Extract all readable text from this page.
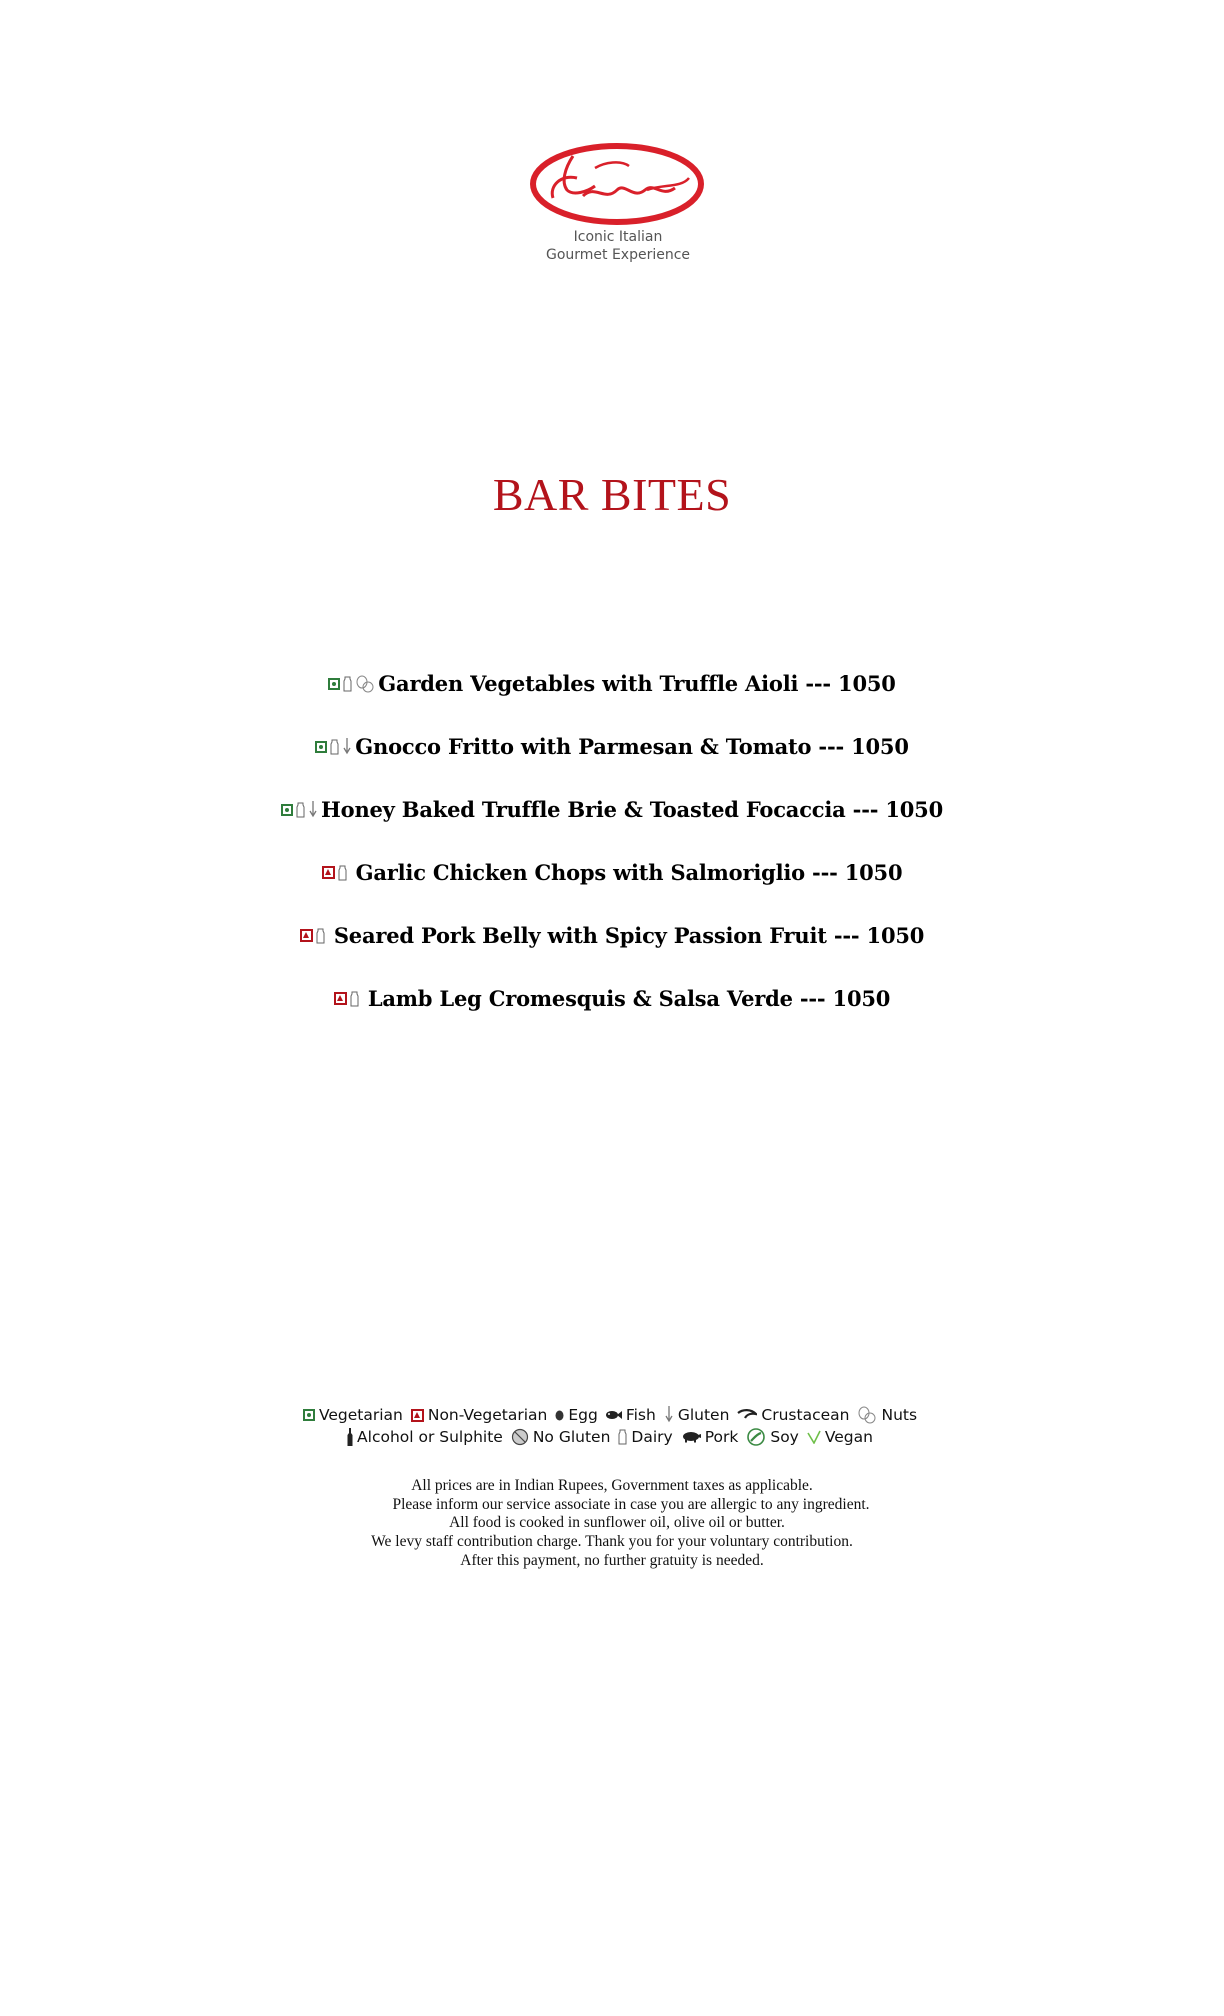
Iconic Italian
Gourmet Experience
BAR BITES
Garden Vegetables with Truffle Aioli --- 1050
Gnocco Fritto with Parmesan & Tomato --- 1050
Honey Baked Truffle Brie & Toasted Focaccia --- 1050
Garlic Chicken Chops with Salmoriglio --- 1050
Seared Pork Belly with Spicy Passion Fruit --- 1050
Lamb Leg Cromesquis & Salsa Verde --- 1050
Vegetarian Non-Vegetarian Egg Fish Gluten Crustacean Nuts
Alcohol or Sulphite No Gluten Dairy Pork Soy Vegan
All prices are in Indian Rupees, Government taxes as applicable.
Please inform our service associate in case you are allergic to any ingredient.
All food is cooked in sunflower oil, olive oil or butter.
We levy staff contribution charge. Thank you for your voluntary contribution.
After this payment, no further gratuity is needed.
